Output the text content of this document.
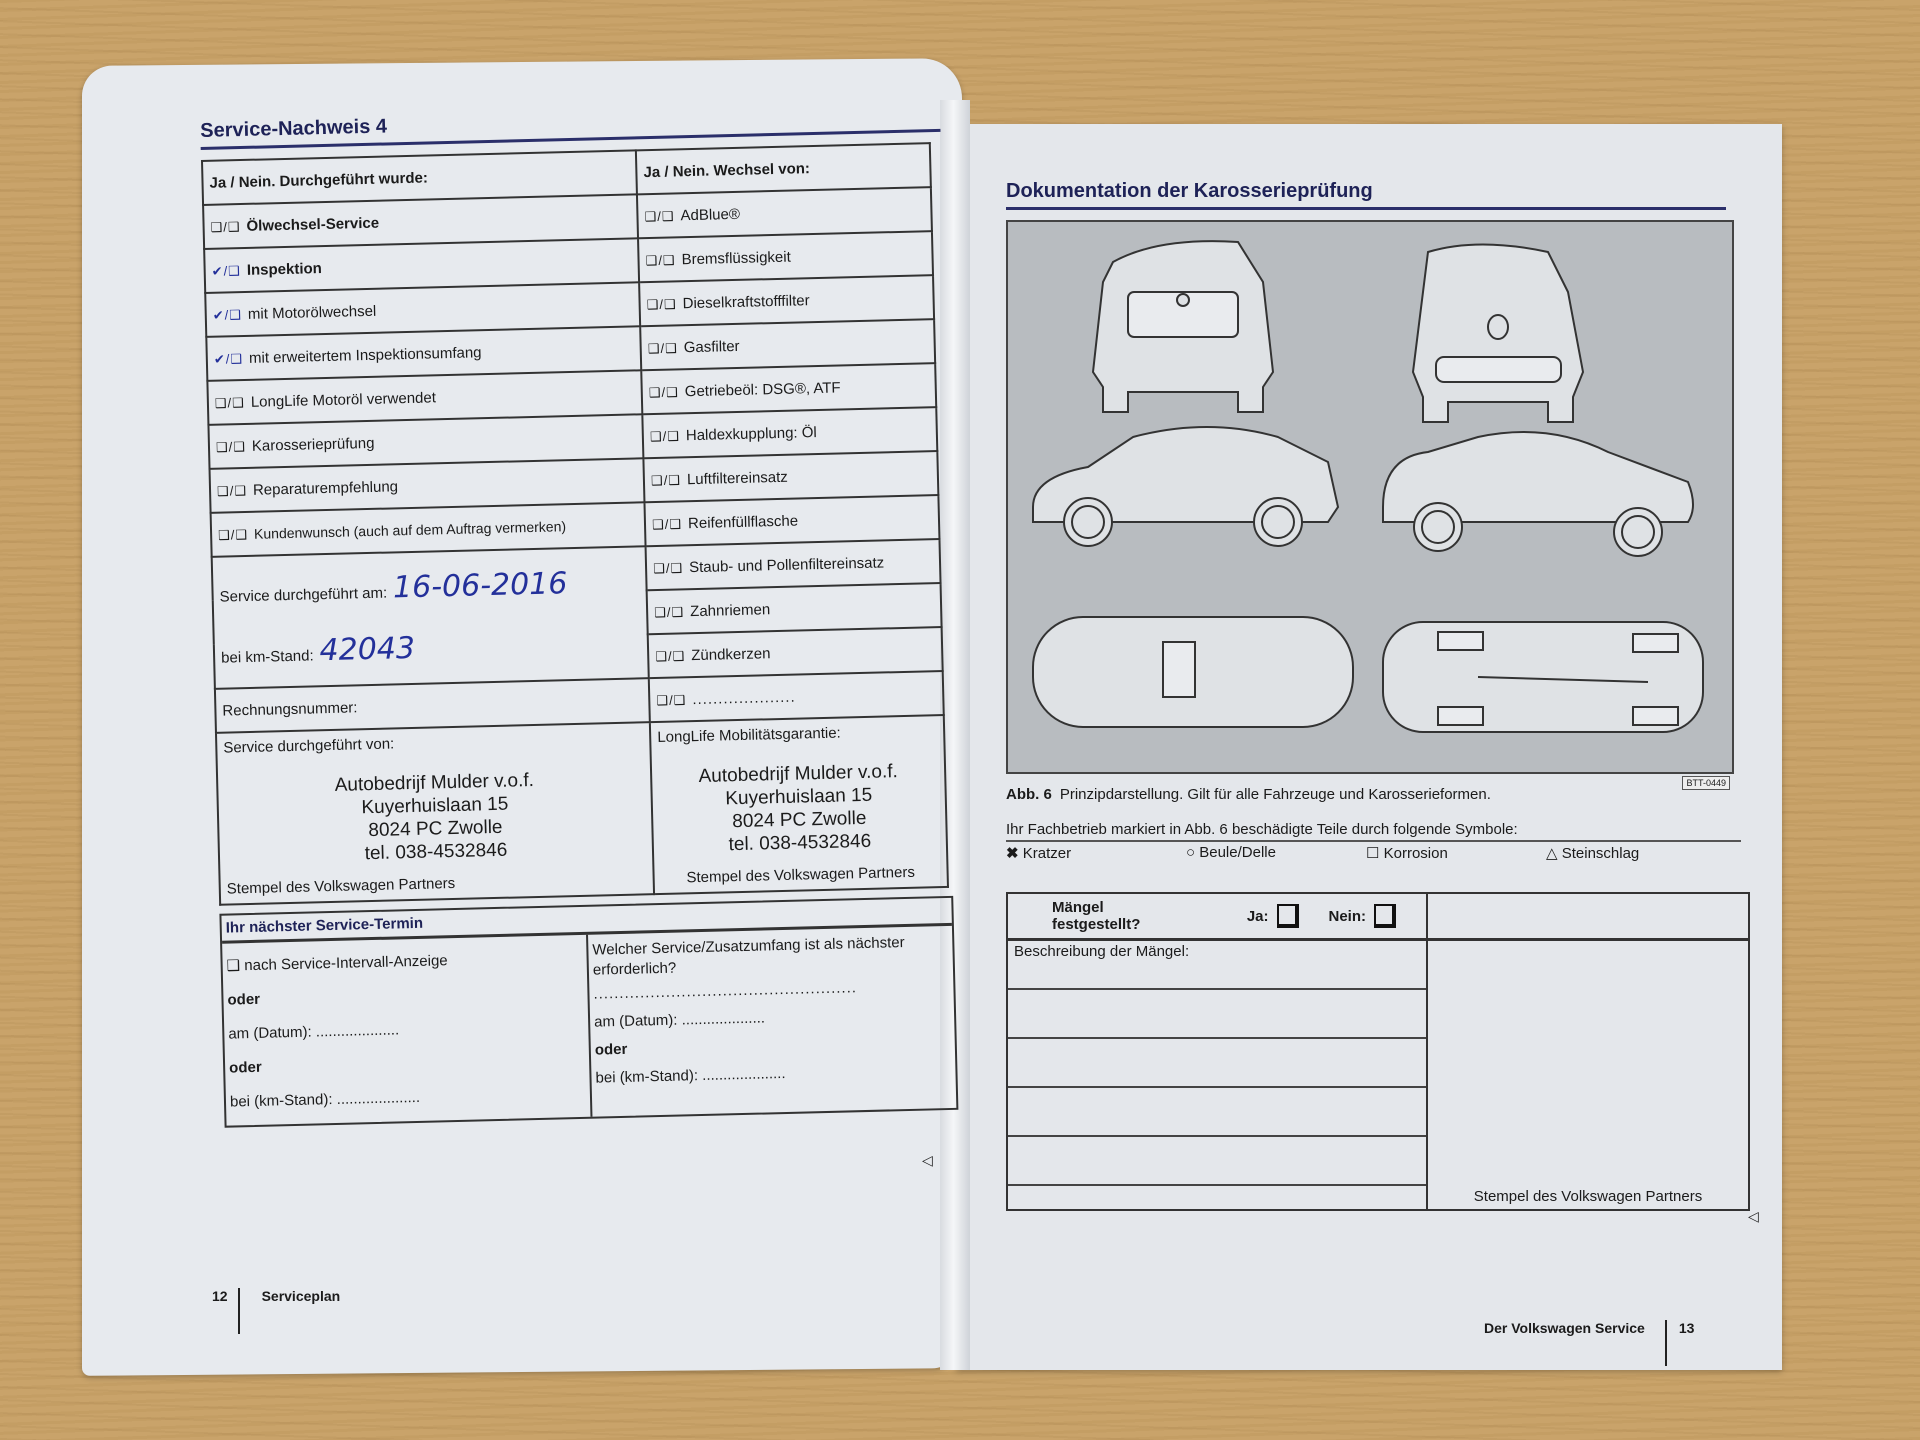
Service-Nachweis 4
Ja / Nein. Durchgeführt wurde:	Ja / Nein. Wechsel von:
❑/❑ Ölwechsel-Service	❑/❑ AdBlue®
✔/❑ Inspektion	❑/❑ Bremsflüssigkeit
✔/❑ mit Motorölwechsel	❑/❑ Dieselkraftstofffilter
✔/❑ mit erweitertem Inspektionsumfang	❑/❑ Gasfilter
❑/❑ LongLife Motoröl verwendet	❑/❑ Getriebeöl: DSG®, ATF
❑/❑ Karosserieprüfung	❑/❑ Haldexkupplung: Öl
❑/❑ Reparaturempfehlung	❑/❑ Luftfiltereinsatz
❑/❑ Kundenwunsch (auch auf dem Auftrag vermerken)	❑/❑ Reifenfüllflasche

Service durchgeführt am: 16-06-2016
bei km-Stand: 42043	❑/❑ Staub- und Pollenfiltereinsatz
	❑/❑ Zahnriemen
	❑/❑ Zündkerzen
Rechnungsnummer:	❑/❑ ....................

Service durchgeführt von:
Autobedrijf Mulder v.o.f.
Kuyerhuislaan 15
8024 PC Zwolle
tel. 038-4532846
Stempel des Volkswagen Partners

LongLife Mobilitätsgarantie:
Autobedrijf Mulder v.o.f.
Kuyerhuislaan 15
8024 PC Zwolle
tel. 038-4532846
Stempel des Volkswagen Partners
Ihr nächster Service-Termin
❑ nach Service-Intervall-Anzeige
oder
am (Datum): ....................
oder
bei (km-Stand): ....................
Welcher Service/Zusatzumfang ist als nächster erforderlich?
...................................................
am (Datum): ....................
oder
bei (km-Stand): ....................
◁
12 Serviceplan
Dokumentation der Karosserieprüfung
BTT-0449
Abb. 6 Prinzipdarstellung. Gilt für alle Fahrzeuge und Karosserieformen.
Ihr Fachbetrieb markiert in Abb. 6 beschädigte Teile durch folgende Symbole:
✖ Kratzer	○ Beule/Delle	☐ Korrosion	△ Steinschlag
Mängel festgestellt?	Ja:	Nein:
Beschreibung der Mängel:
Stempel des Volkswagen Partners
◁
Der Volkswagen Service 13
